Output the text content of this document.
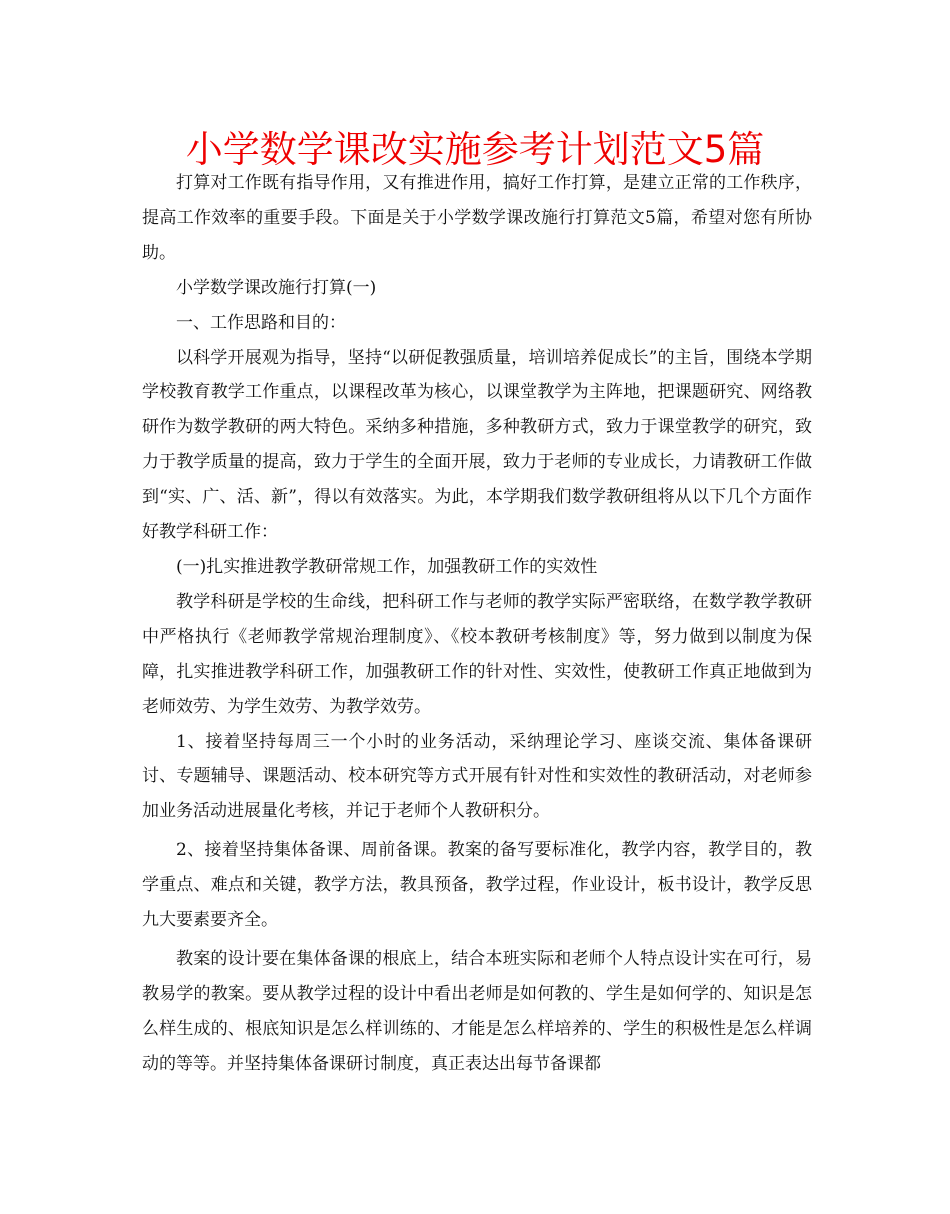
小学数学课改实施参考计划范文5篇

打算对工作既有指导作用，又有推进作用，搞好工作打算，是建立正常的工作秩序，提高工作效率的重要手段。下面是关于小学数学课改施行打算范文5篇，希望对您有所协助。

小学数学课改施行打算(一)

一、工作思路和目的：

以科学开展观为指导，坚持“以研促教强质量，培训培养促成长”的主旨，围绕本学期学校教育教学工作重点，以课程改革为核心，以课堂教学为主阵地，把课题研究、网络教研作为数学教研的两大特色。采纳多种措施，多种教研方式，致力于课堂教学的研究，致力于教学质量的提高，致力于学生的全面开展，致力于老师的专业成长，力请教研工作做到“实、广、活、新”，得以有效落实。为此，本学期我们数学教研组将从以下几个方面作好教学科研工作：

(一)扎实推进教学教研常规工作，加强教研工作的实效性

教学科研是学校的生命线，把科研工作与老师的教学实际严密联络，在数学教学教研中严格执行《老师教学常规治理制度》、《校本教研考核制度》等，努力做到以制度为保障，扎实推进教学科研工作，加强教研工作的针对性、实效性，使教研工作真正地做到为老师效劳、为学生效劳、为教学效劳。

1、接着坚持每周三一个小时的业务活动，采纳理论学习、座谈交流、集体备课研讨、专题辅导、课题活动、校本研究等方式开展有针对性和实效性的教研活动，对老师参加业务活动进展量化考核，并记于老师个人教研积分。

2、接着坚持集体备课、周前备课。教案的备写要标准化，教学内容，教学目的，教学重点、难点和关键，教学方法，教具预备，教学过程，作业设计，板书设计，教学反思九大要素要齐全。

教案的设计要在集体备课的根底上，结合本班实际和老师个人特点设计实在可行，易教易学的教案。要从教学过程的设计中看出老师是如何教的、学生是如何学的、知识是怎么样生成的、根底知识是怎么样训练的、才能是怎么样培养的、学生的积极性是怎么样调动的等等。并坚持集体备课研讨制度，真正表达出每节备课都
